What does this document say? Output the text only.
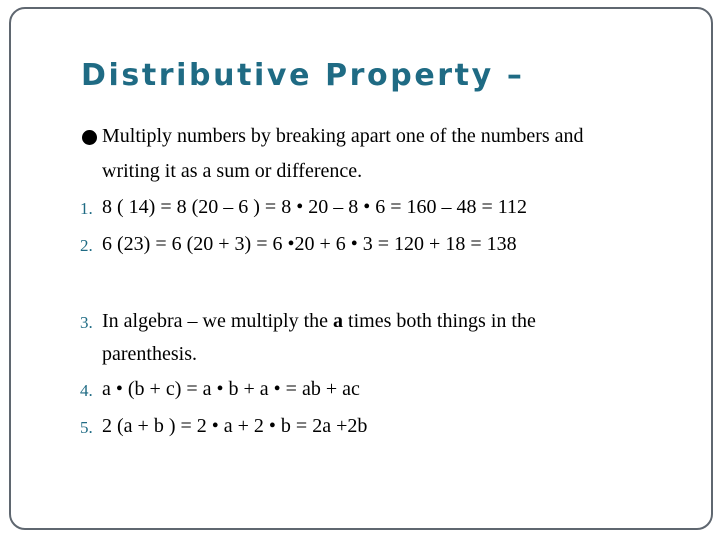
Distributive Property –
Multiply numbers by breaking apart one of the numbers and
writing it as a sum or difference.
1. 8 ( 14) = 8 (20 – 6 ) = 8 • 20 – 8 • 6 = 160 – 48 = 112
2. 6 (23) = 6 (20 + 3) = 6 •20 + 6 • 3 = 120 + 18 = 138
3. In algebra – we multiply the a times both things in the
parenthesis.
4. a • (b + c) = a • b + a • = ab + ac
5. 2 (a + b ) = 2 • a + 2 • b = 2a +2b
